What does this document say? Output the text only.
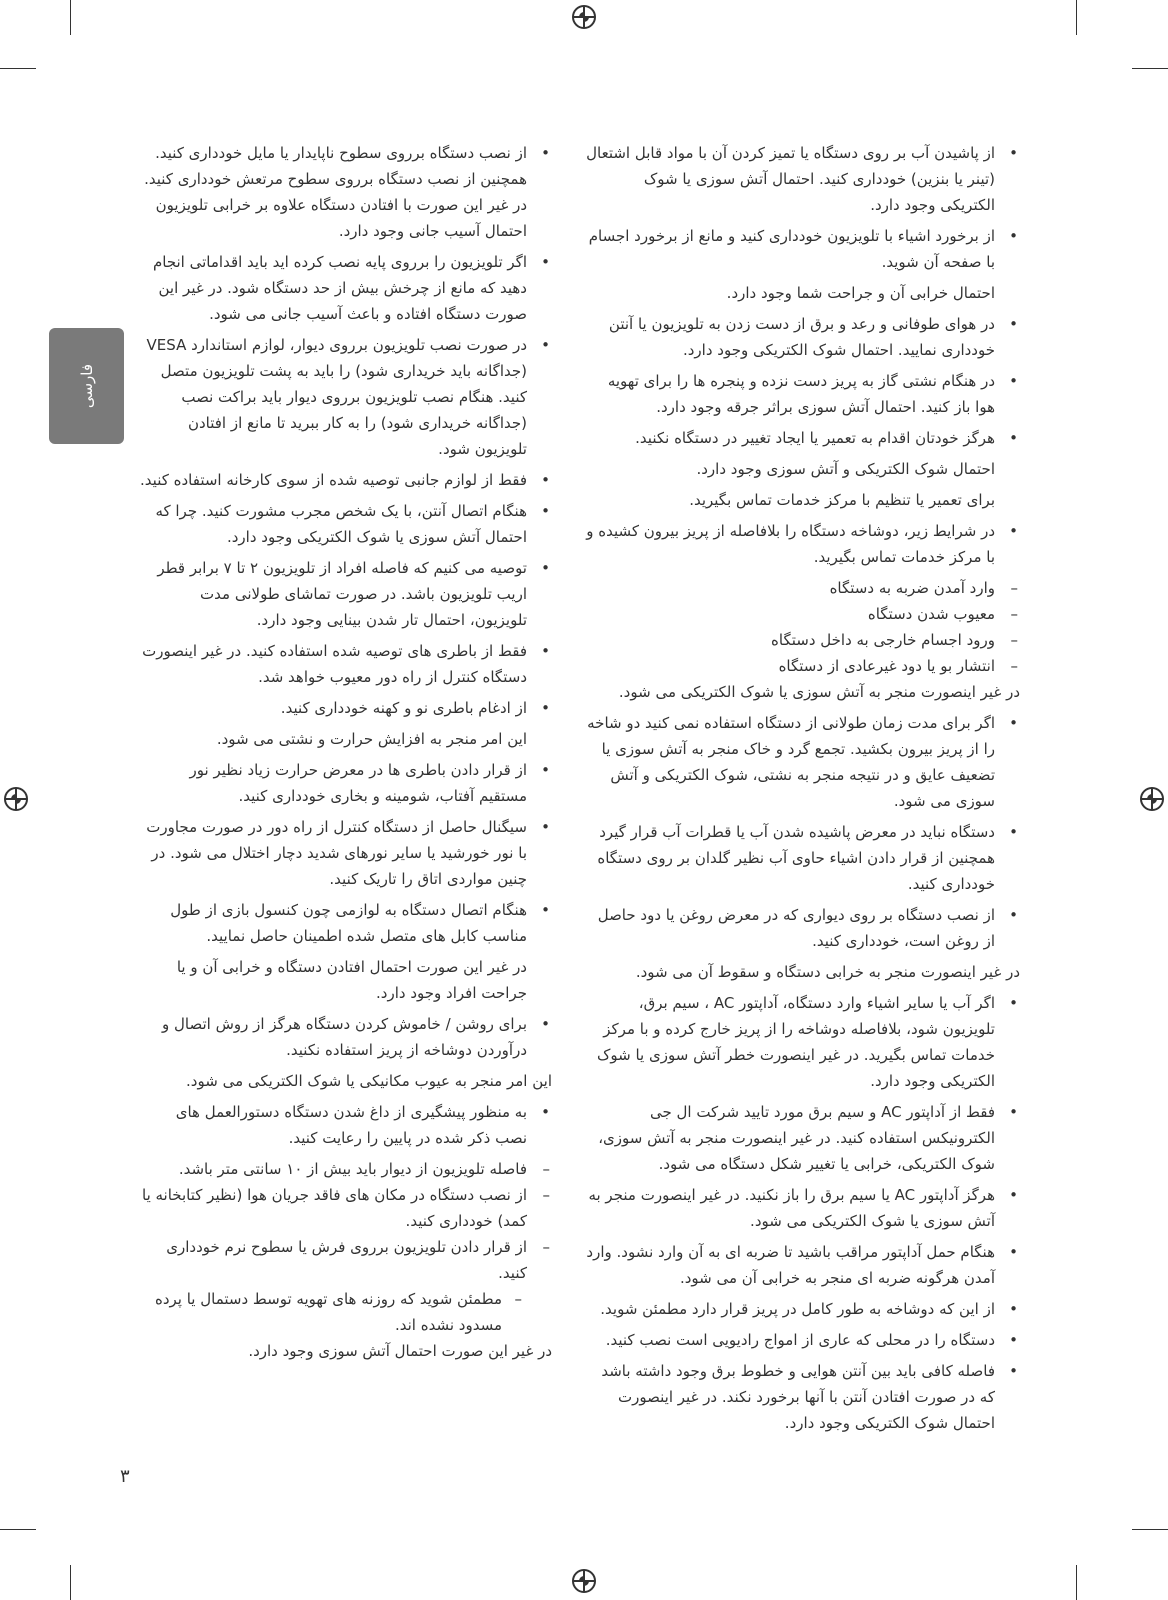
فارسی
• از پاشیدن آب بر روی دستگاه یا تمیز کردن آن با مواد قابل اشتعال (تینر یا بنزین) خودداری کنید. احتمال آتش سوزی یا شوک الکتریکی وجود دارد.
• از برخورد اشیاء با تلویزیون خودداری کنید و مانع از برخورد اجسام با صفحه آن شوید.

احتمال خرابی آن و جراحت شما وجود دارد.

• در هوای طوفانی و رعد و برق از دست زدن به تلویزیون یا آنتن خودداری نمایید. احتمال شوک الکتریکی وجود دارد.
• در هنگام نشتی گاز به پریز دست نزده و پنجره ها را برای تهویه هوا باز کنید. احتمال آتش سوزی براثر جرقه وجود دارد.
• هرگز خودتان اقدام به تعمیر یا ایجاد تغییر در دستگاه نکنید.

احتمال شوک الکتریکی و آتش سوزی وجود دارد.

برای تعمیر یا تنظیم با مرکز خدمات تماس بگیرید.

• در شرایط زیر، دوشاخه دستگاه را بلافاصله از پریز بیرون کشیده و با مرکز خدمات تماس بگیرید.
– وارد آمدن ضربه به دستگاه
– معیوب شدن دستگاه
– ورود اجسام خارجی به داخل دستگاه
– انتشار بو یا دود غیرعادی از دستگاه

در غیر اینصورت منجر به آتش سوزی یا شوک الکتریکی می شود.

• اگر برای مدت زمان طولانی از دستگاه استفاده نمی کنید دو شاخه را از پریز بیرون بکشید. تجمع گرد و خاک منجر به آتش سوزی یا تضعیف عایق و در نتیجه منجر به نشتی، شوک الکتریکی و آتش سوزی می شود.
• دستگاه نباید در معرض پاشیده شدن آب یا قطرات آب قرار گیرد همچنین از قرار دادن اشیاء حاوی آب نظیر گلدان بر روی دستگاه خودداری کنید.
• از نصب دستگاه بر روی دیواری که در معرض روغن یا دود حاصل از روغن است، خودداری کنید.

در غیر اینصورت منجر به خرابی دستگاه و سقوط آن می شود.

• اگر آب یا سایر اشیاء وارد دستگاه، آداپتور AC ، سیم برق، تلویزیون شود، بلافاصله دوشاخه را از پریز خارج کرده و با مرکز خدمات تماس بگیرید. در غیر اینصورت خطر آتش سوزی یا شوک الکتریکی وجود دارد.
• فقط از آداپتور AC و سیم برق مورد تایید شرکت ال جی الکترونیکس استفاده کنید. در غیر اینصورت منجر به آتش سوزی، شوک الکتریکی، خرابی یا تغییر شکل دستگاه می شود.
• هرگز آداپتور AC یا سیم برق را باز نکنید. در غیر اینصورت منجر به آتش سوزی یا شوک الکتریکی می شود.
• هنگام حمل آداپتور مراقب باشید تا ضربه ای به آن وارد نشود. وارد آمدن هرگونه ضربه ای منجر به خرابی آن می شود.
• از این که دوشاخه به طور کامل در پریز قرار دارد مطمئن شوید.
• دستگاه را در محلی که عاری از امواج رادیویی است نصب کنید.
• فاصله کافی باید بین آنتن هوایی و خطوط برق وجود داشته باشد که در صورت افتادن آنتن با آنها برخورد نکند. در غیر اینصورت احتمال شوک الکتریکی وجود دارد.
• از نصب دستگاه برروی سطوح ناپایدار یا مایل خودداری کنید. همچنین از نصب دستگاه برروی سطوح مرتعش خودداری کنید. در غیر این صورت با افتادن دستگاه علاوه بر خرابی تلویزیون احتمال آسیب جانی وجود دارد.
• اگر تلویزیون را برروی پایه نصب کرده اید باید اقداماتی انجام دهید که مانع از چرخش بیش از حد دستگاه شود. در غیر این صورت دستگاه افتاده و باعث آسیب جانی می شود.
• در صورت نصب تلویزیون برروی دیوار، لوازم استاندارد VESA (جداگانه باید خریداری شود) را باید به پشت تلویزیون متصل کنید. هنگام نصب تلویزیون برروی دیوار باید براکت نصب (جداگانه خریداری شود) را به کار ببرید تا مانع از افتادن تلویزیون شود.
• فقط از لوازم جانبی توصیه شده از سوی کارخانه استفاده کنید.
• هنگام اتصال آنتن، با یک شخص مجرب مشورت کنید. چرا که احتمال آتش سوزی یا شوک الکتریکی وجود دارد.
• توصیه می کنیم که فاصله افراد از تلویزیون ۲ تا ۷ برابر قطر اریب تلویزیون باشد. در صورت تماشای طولانی مدت تلویزیون، احتمال تار شدن بینایی وجود دارد.
• فقط از باطری های توصیه شده استفاده کنید. در غیر اینصورت دستگاه کنترل از راه دور معیوب خواهد شد.
• از ادغام باطری نو و کهنه خودداری کنید.

این امر منجر به افزایش حرارت و نشتی می شود.

• از قرار دادن باطری ها در معرض حرارت زیاد نظیر نور مستقیم آفتاب، شومینه و بخاری خودداری کنید.
• سیگنال حاصل از دستگاه کنترل از راه دور در صورت مجاورت با نور خورشید یا سایر نورهای شدید دچار اختلال می شود. در چنین مواردی اتاق را تاریک کنید.
• هنگام اتصال دستگاه به لوازمی چون کنسول بازی از طول مناسب کابل های متصل شده اطمینان حاصل نمایید.

در غیر این صورت احتمال افتادن دستگاه و خرابی آن و یا جراحت افراد وجود دارد.

• برای روشن / خاموش کردن دستگاه هرگز از روش اتصال و درآوردن دوشاخه از پریز استفاده نکنید.

این امر منجر به عیوب مکانیکی یا شوک الکتریکی می شود.

• به منظور پیشگیری از داغ شدن دستگاه دستورالعمل های نصب ذکر شده در پایین را رعایت کنید.
– فاصله تلویزیون از دیوار باید بیش از ۱۰ سانتی متر باشد.
– از نصب دستگاه در مکان های فاقد جریان هوا (نظیر کتابخانه یا کمد) خودداری کنید.
– از قرار دادن تلویزیون برروی فرش یا سطوح نرم خودداری کنید.
– مطمئن شوید که روزنه های تهویه توسط دستمال یا پرده مسدود نشده اند.

در غیر این صورت احتمال آتش سوزی وجود دارد.

۳
